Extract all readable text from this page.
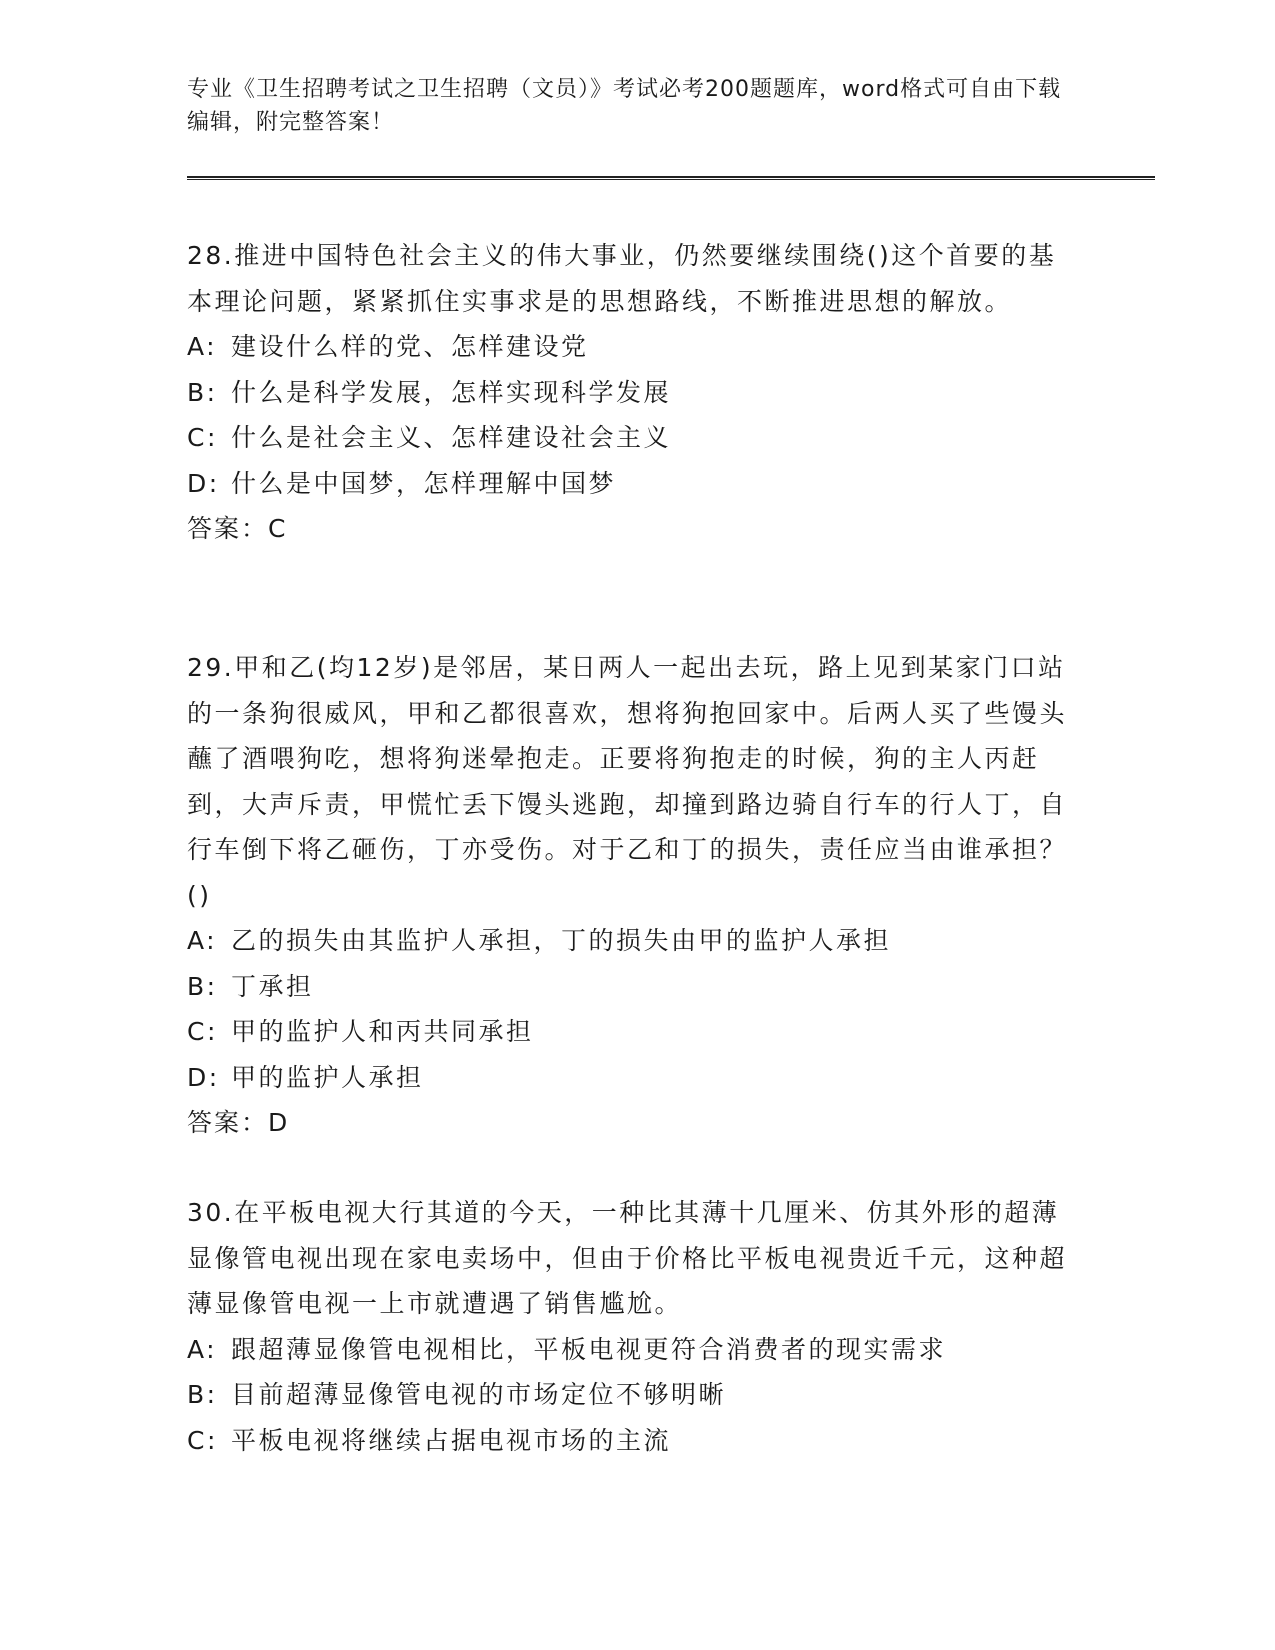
专业《卫生招聘考试之卫生招聘（文员）》考试必考200题题库，word格式可自由下载编辑，附完整答案！

28.推进中国特色社会主义的伟大事业，仍然要继续围绕()这个首要的基本理论问题，紧紧抓住实事求是的思想路线，不断推进思想的解放。

A: 建设什么样的党、怎样建设党

B: 什么是科学发展，怎样实现科学发展

C: 什么是社会主义、怎样建设社会主义

D: 什么是中国梦，怎样理解中国梦

答案：C

29.甲和乙(均12岁)是邻居，某日两人一起出去玩，路上见到某家门口站的一条狗很威风，甲和乙都很喜欢，想将狗抱回家中。后两人买了些馒头蘸了酒喂狗吃，想将狗迷晕抱走。正要将狗抱走的时候，狗的主人丙赶到，大声斥责，甲慌忙丢下馒头逃跑，却撞到路边骑自行车的行人丁，自行车倒下将乙砸伤，丁亦受伤。对于乙和丁的损失，责任应当由谁承担？()

A: 乙的损失由其监护人承担，丁的损失由甲的监护人承担

B: 丁承担

C: 甲的监护人和丙共同承担

D: 甲的监护人承担

答案：D

30.在平板电视大行其道的今天，一种比其薄十几厘米、仿其外形的超薄显像管电视出现在家电卖场中，但由于价格比平板电视贵近千元，这种超薄显像管电视一上市就遭遇了销售尴尬。

A: 跟超薄显像管电视相比，平板电视更符合消费者的现实需求

B: 目前超薄显像管电视的市场定位不够明晰

C: 平板电视将继续占据电视市场的主流
